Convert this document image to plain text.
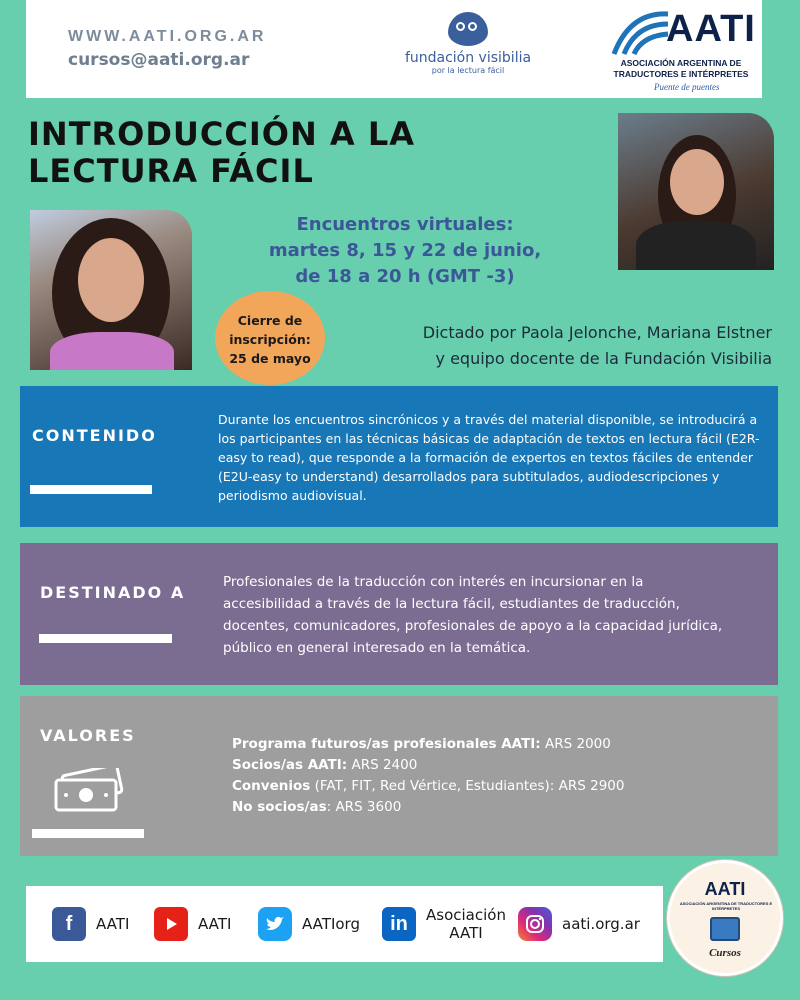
WWW.AATI.ORG.AR
cursos@aati.org.ar	fundación visibilia
por la lectura fácil
AATI
ASOCIACIÓN ARGENTINA DE
TRADUCTORES E INTÉRPRETES
Puente de puentes
INTRODUCCIÓN A LA
LECTURA FÁCIL
Encuentros virtuales:
martes 8, 15 y 22 de junio,
de 18 a 20 h (GMT -3)
Cierre de
inscripción:
25 de mayo
Dictado por Paola Jelonche, Mariana Elstner
y equipo docente de la Fundación Visibilia
CONTENIDO
Durante los encuentros sincrónicos y a través del material disponible, se introducirá a los participantes en las técnicas básicas de adaptación de textos en lectura fácil (E2R- easy to read), que responde a la formación de expertos en textos fáciles de entender (E2U-easy to understand) desarrollados para subtitulados, audiodescripciones y periodismo audiovisual.
DESTINADO A
Profesionales de la traducción con interés en incursionar en la accesibilidad a través de la lectura fácil, estudiantes de traducción, docentes, comunicadores, profesionales de apoyo a la capacidad jurídica, público en general interesado en la temática.
VALORES	Programa futuros/as profesionales AATI: ARS 2000
Socios/as AATI: ARS 2400
Convenios (FAT, FIT, Red Vértice, Estudiantes): ARS 2900
No socios/as: ARS 3600
f	AATI	AATI	AATIorg	in	Asociación
AATI	aati.org.ar
AATI
ASOCIACIÓN ARGENTINA DE TRADUCTORES E INTÉRPRETES
Cursos
